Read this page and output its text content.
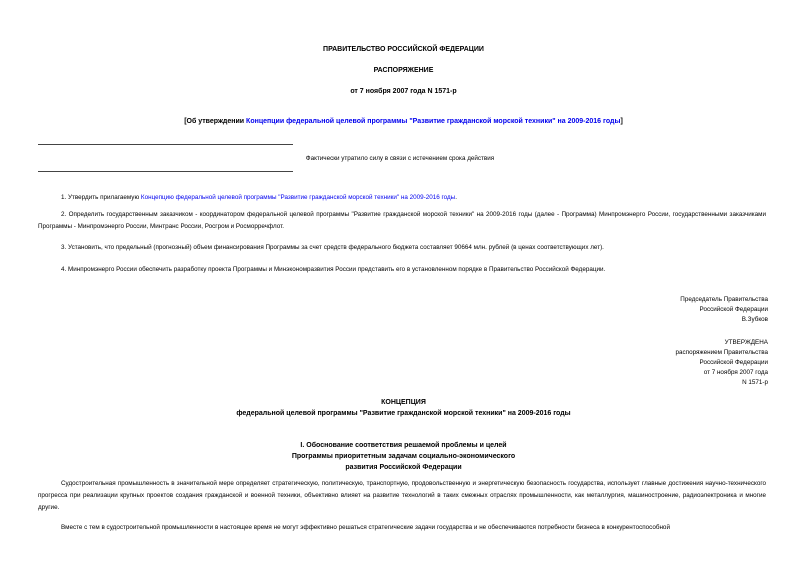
ПРАВИТЕЛЬСТВО РОССИЙСКОЙ ФЕДЕРАЦИИ
РАСПОРЯЖЕНИЕ
от 7 ноября 2007 года N 1571-р
[Об утверждении Концепции федеральной целевой программы "Развитие гражданской морской техники" на 2009-2016 годы]
Фактически утратило силу в связи с истечением срока действия
1. Утвердить прилагаемую Концепцию федеральной целевой программы "Развитие гражданской морской техники" на 2009-2016 годы.
2. Определить государственным заказчиком - координатором федеральной целевой программы "Развитие гражданской морской техники" на 2009-2016 годы (далее - Программа) Минпромэнерго России, государственными заказчиками Программы - Минпромэнерго России, Минтранс России, Росгром и Росморречфлот.
3. Установить, что предельный (прогнозный) объем финансирования Программы за счет средств федерального бюджета составляет 90664 млн. рублей (в ценах соответствующих лет).
4. Минпромэнерго России обеспечить разработку проекта Программы и Минэкономразвития России представить его в установленном порядке в Правительство Российской Федерации.
Председатель Правительства
Российской Федерации
В.Зубков
УТВЕРЖДЕНА
распоряжением Правительства
Российской Федерации
от 7 ноября 2007 года
N 1571-р
КОНЦЕПЦИЯ
федеральной целевой программы "Развитие гражданской морской техники" на 2009-2016 годы
I. Обоснование соответствия решаемой проблемы и целей
Программы приоритетным задачам социально-экономического
развития Российской Федерации
Судостроительная промышленность в значительной мере определяет стратегическую, политическую, транспортную, продовольственную и энергетическую безопасность государства, использует главные достижения научно-технического прогресса при реализации крупных проектов создания гражданской и военной техники, объективно влияет на развитие технологий в таких смежных отраслях промышленности, как металлургия, машиностроение, радиоэлектроника и многие другие.
Вместе с тем в судостроительной промышленности в настоящее время не могут эффективно решаться стратегические задачи государства и не обеспечиваются потребности бизнеса в конкурентоспособной
